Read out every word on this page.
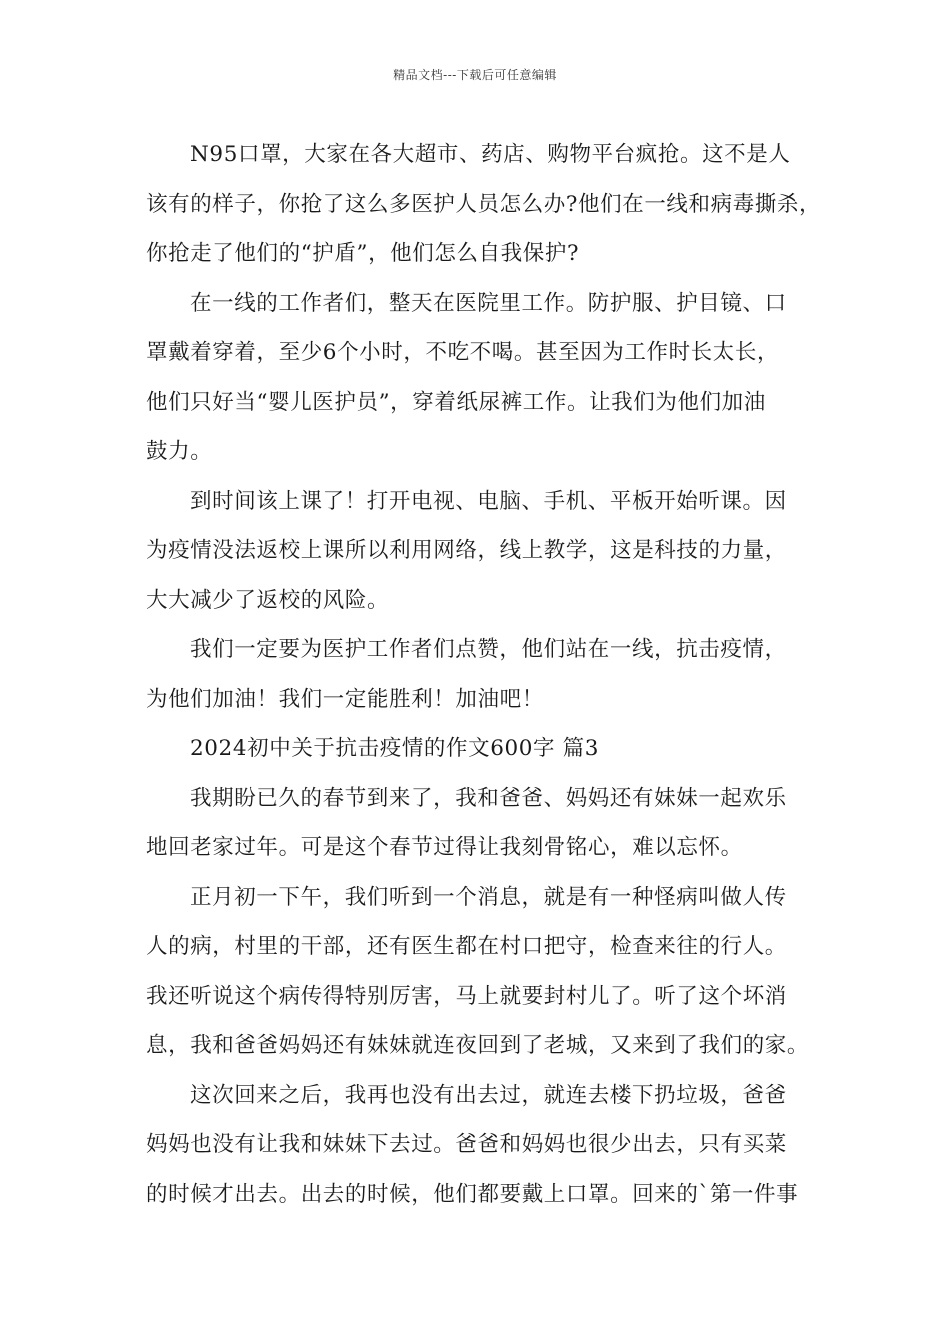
精品文档---下载后可任意编辑
N95口罩，大家在各大超市、药店、购物平台疯抢。这不是人
该有的样子，你抢了这么多医护人员怎么办?他们在一线和病毒撕杀，
你抢走了他们的“护盾”，他们怎么自我保护?
在一线的工作者们，整天在医院里工作。防护服、护目镜、口
罩戴着穿着，至少6个小时，不吃不喝。甚至因为工作时长太长，
他们只好当“婴儿医护员”，穿着纸尿裤工作。让我们为他们加油
鼓力。
到时间该上课了！打开电视、电脑、手机、平板开始听课。因
为疫情没法返校上课所以利用网络，线上教学，这是科技的力量，
大大减少了返校的风险。
我们一定要为医护工作者们点赞，他们站在一线，抗击疫情，
为他们加油！我们一定能胜利！加油吧！
2024初中关于抗击疫情的作文600字 篇3
我期盼已久的春节到来了，我和爸爸、妈妈还有妹妹一起欢乐
地回老家过年。可是这个春节过得让我刻骨铭心，难以忘怀。
正月初一下午，我们听到一个消息，就是有一种怪病叫做人传
人的病，村里的干部，还有医生都在村口把守，检查来往的行人。
我还听说这个病传得特别厉害，马上就要封村儿了。听了这个坏消
息，我和爸爸妈妈还有妹妹就连夜回到了老城，又来到了我们的家。
这次回来之后，我再也没有出去过，就连去楼下扔垃圾，爸爸
妈妈也没有让我和妹妹下去过。爸爸和妈妈也很少出去，只有买菜
的时候才出去。出去的时候，他们都要戴上口罩。回来的`第一件事
